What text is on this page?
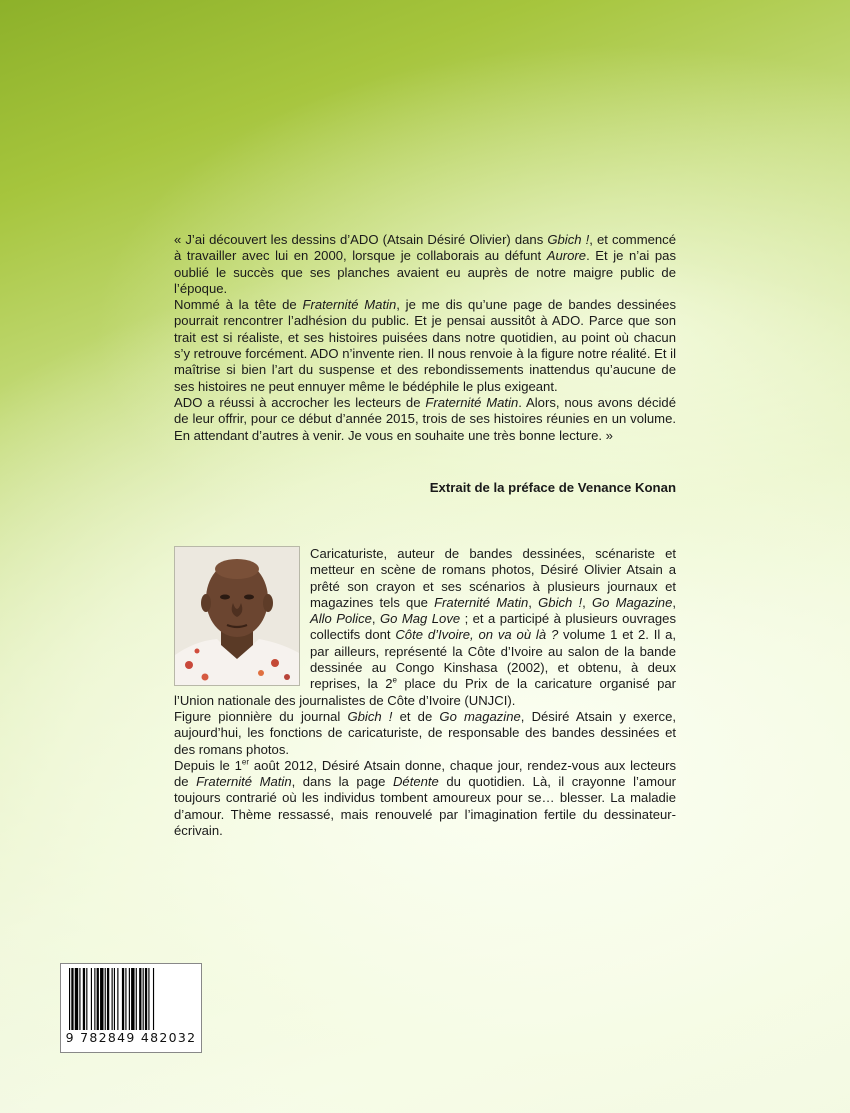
« J’ai découvert les dessins d’ADO (Atsain Désiré Olivier) dans Gbich !, et commencé à travailler avec lui en 2000, lorsque je collaborais au défunt Aurore. Et je n’ai pas oublié le succès que ses planches avaient eu auprès de notre maigre public de l’époque.

Nommé à la tête de Fraternité Matin, je me dis qu’une page de bandes dessinées pourrait rencontrer l’adhésion du public. Et je pensai aussitôt à ADO. Parce que son trait est si réaliste, et ses histoires puisées dans notre quotidien, au point où chacun s’y retrouve forcément. ADO n’invente rien. Il nous renvoie à la figure notre réalité. Et il maîtrise si bien l’art du suspense et des rebondissements inattendus qu’aucune de ses histoires ne peut ennuyer même le bédéphile le plus exigeant.

ADO a réussi à accrocher les lecteurs de Fraternité Matin. Alors, nous avons décidé de leur offrir, pour ce début d’année 2015, trois de ses histoires réunies en un volume. En attendant d’autres à venir. Je vous en souhaite une très bonne lecture. »

Extrait de la préface de Venance Konan

Caricaturiste, auteur de bandes dessinées, scénariste et metteur en scène de romans photos, Désiré Olivier Atsain a prêté son crayon et ses scénarios à plusieurs journaux et magazines tels que Fraternité Matin, Gbich !, Go Magazine, Allo Police, Go Mag Love ; et a participé à plusieurs ouvrages collectifs dont Côte d’Ivoire, on va où là ? volume 1 et 2. Il a, par ailleurs, représenté la Côte d’Ivoire au salon de la bande dessinée au Congo Kinshasa (2002), et obtenu, à deux reprises, la 2e place du Prix de la caricature organisé par l’Union nationale des journalistes de Côte d’Ivoire (UNJCI).

Figure pionnière du journal Gbich ! et de Go magazine, Désiré Atsain y exerce, aujourd’hui, les fonctions de caricaturiste, de responsable des bandes dessinées et des romans photos.

Depuis le 1er août 2012, Désiré Atsain donne, chaque jour, rendez-vous aux lecteurs de Fraternité Matin, dans la page Détente du quotidien. Là, il crayonne l’amour toujours contrarié où les individus tombent amoureux pour se… blesser. La maladie d’amour. Thème ressassé, mais renouvelé par l’imagination fertile du dessinateur-écrivain.

9 782849 482032
